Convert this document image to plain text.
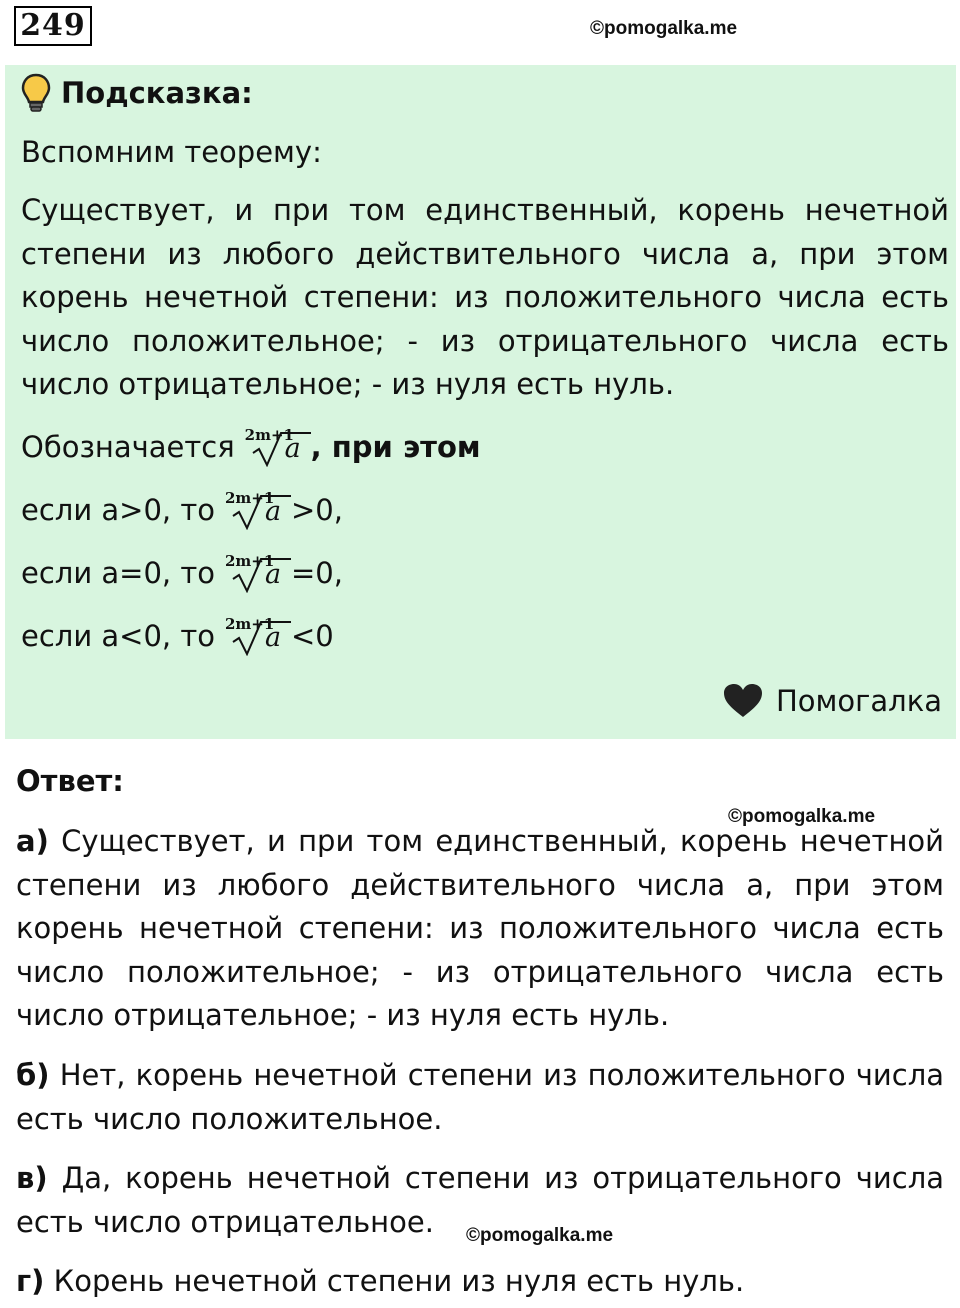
249	©pomogalka.me
Подсказка:

Вспомним теорему:

Существует, и при том единственный, корень нечетной степени из любого действительного числа а, при этом корень нечетной степени: из положительного числа есть число положительное; - из отрицательного числа есть число отрицательное; - из нуля есть нуль.

Обозначается 2m+1
a , при этом
если а>0, то 2m+1
a >0,
если а=0, то 2m+1
a =0,
если а<0, то 2m+1
a <0
Помогалка
Ответ:
©pomogalka.me

а) Существует, и при том единственный, корень нечетной степени из любого действительного числа а, при этом корень нечетной степени: из положительного числа есть число положительное; - из отрицательного числа есть число отрицательное; - из нуля есть нуль.

б) Нет, корень нечетной степени из положительного числа есть число положительное.

в) Да, корень нечетной степени из отрицательного числа есть число отрицательное.	©pomogalka.me

г) Корень нечетной степени из нуля есть нуль.
